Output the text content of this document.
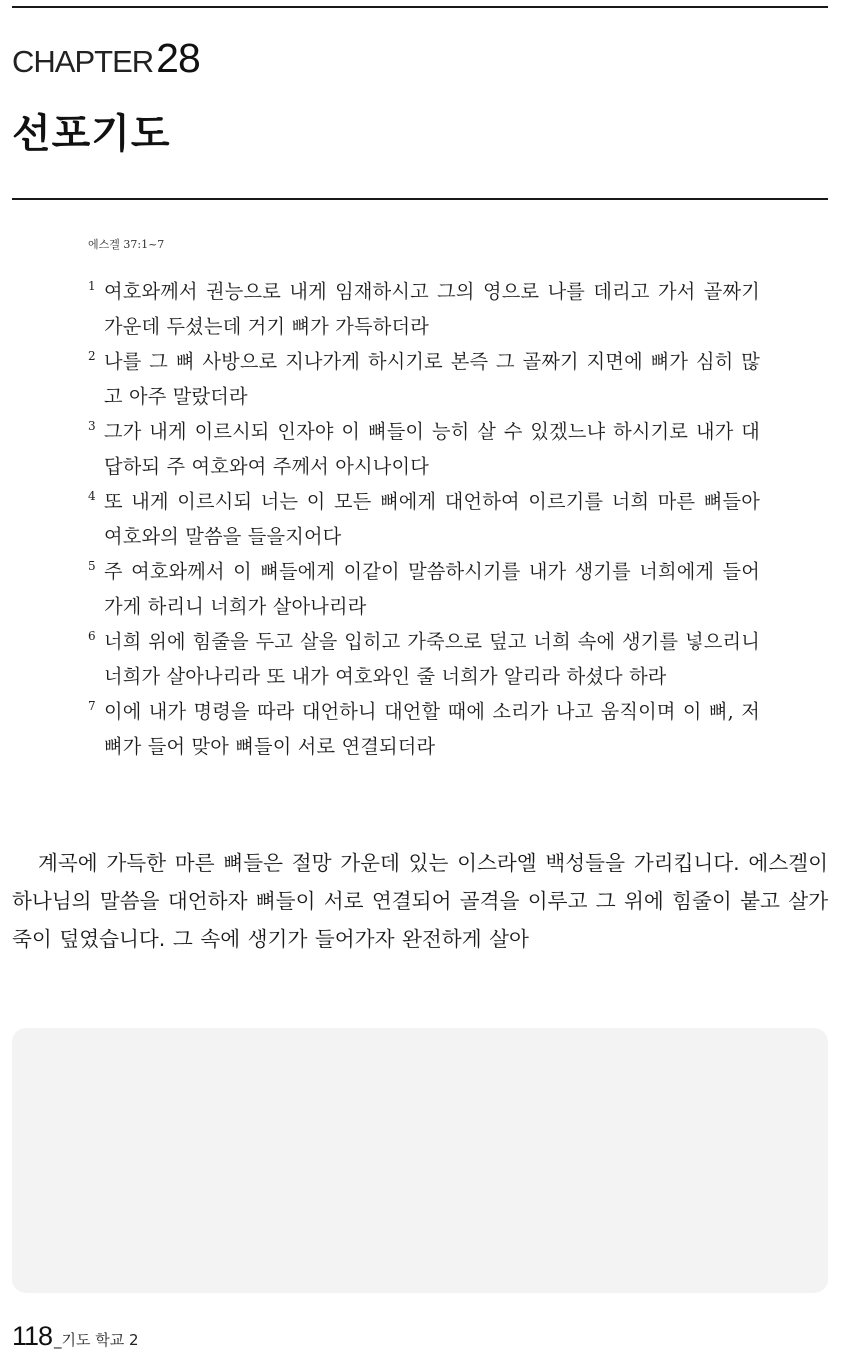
CHAPTER28
선포기도
에스겔 37:1~7
1 여호와께서 권능으로 내게 임재하시고 그의 영으로 나를 데리고 가서 골짜기 가운데 두셨는데 거기 뼈가 가득하더라
2 나를 그 뼈 사방으로 지나가게 하시기로 본즉 그 골짜기 지면에 뼈가 심히 많고 아주 말랐더라
3 그가 내게 이르시되 인자야 이 뼈들이 능히 살 수 있겠느냐 하시기로 내가 대답하되 주 여호와여 주께서 아시나이다
4 또 내게 이르시되 너는 이 모든 뼈에게 대언하여 이르기를 너희 마른 뼈들아 여호와의 말씀을 들을지어다
5 주 여호와께서 이 뼈들에게 이같이 말씀하시기를 내가 생기를 너희에게 들어가게 하리니 너희가 살아나리라
6 너희 위에 힘줄을 두고 살을 입히고 가죽으로 덮고 너희 속에 생기를 넣으리니 너희가 살아나리라 또 내가 여호와인 줄 너희가 알리라 하셨다 하라
7 이에 내가 명령을 따라 대언하니 대언할 때에 소리가 나고 움직이며 이 뼈, 저 뼈가 들어 맞아 뼈들이 서로 연결되더라

계곡에 가득한 마른 뼈들은 절망 가운데 있는 이스라엘 백성들을 가리킵니다. 에스겔이 하나님의 말씀을 대언하자 뼈들이 서로 연결되어 골격을 이루고 그 위에 힘줄이 붙고 살가죽이 덮였습니다. 그 속에 생기가 들어가자 완전하게 살아

118 _기도 학교 2
